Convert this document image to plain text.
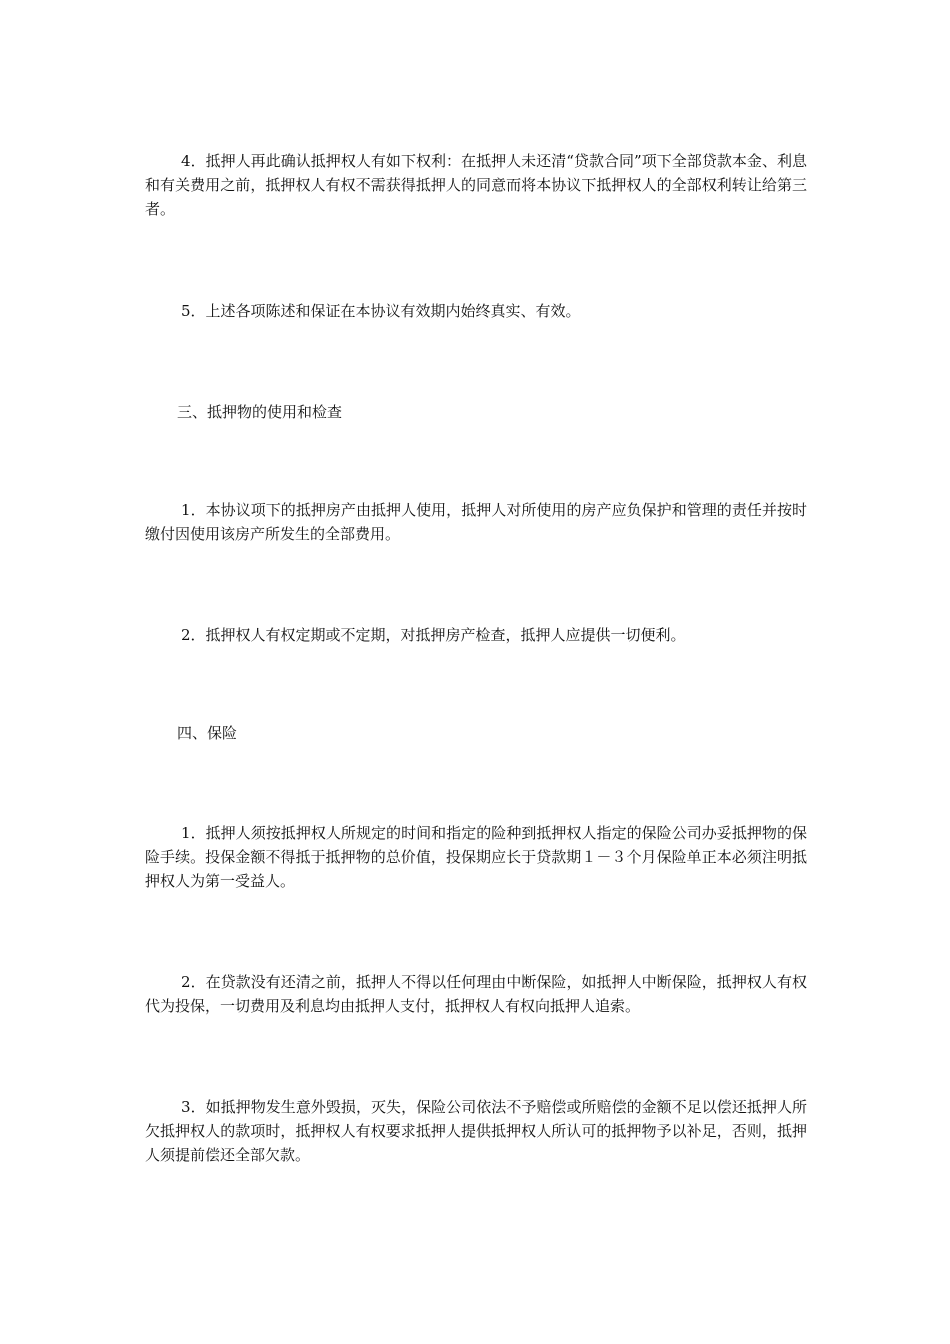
4．抵押人再此确认抵押权人有如下权利：在抵押人未还清“贷款合同”项下全部贷款本金、利息和有关费用之前，抵押权人有权不需获得抵押人的同意而将本协议下抵押权人的全部权利转让给第三者。

5．上述各项陈述和保证在本协议有效期内始终真实、有效。

三、抵押物的使用和检查

1．本协议项下的抵押房产由抵押人使用，抵押人对所使用的房产应负保护和管理的责任并按时缴付因使用该房产所发生的全部费用。

2．抵押权人有权定期或不定期，对抵押房产检查，抵押人应提供一切便利。

四、保险

1．抵押人须按抵押权人所规定的时间和指定的险种到抵押权人指定的保险公司办妥抵押物的保险手续。投保金额不得抵于抵押物的总价值，投保期应长于贷款期１－３个月保险单正本必须注明抵押权人为第一受益人。

2．在贷款没有还清之前，抵押人不得以任何理由中断保险，如抵押人中断保险，抵押权人有权代为投保，一切费用及利息均由抵押人支付，抵押权人有权向抵押人追索。

3．如抵押物发生意外毁损，灭失，保险公司依法不予赔偿或所赔偿的金额不足以偿还抵押人所欠抵押权人的款项时，抵押权人有权要求抵押人提供抵押权人所认可的抵押物予以补足，否则，抵押人须提前偿还全部欠款。
